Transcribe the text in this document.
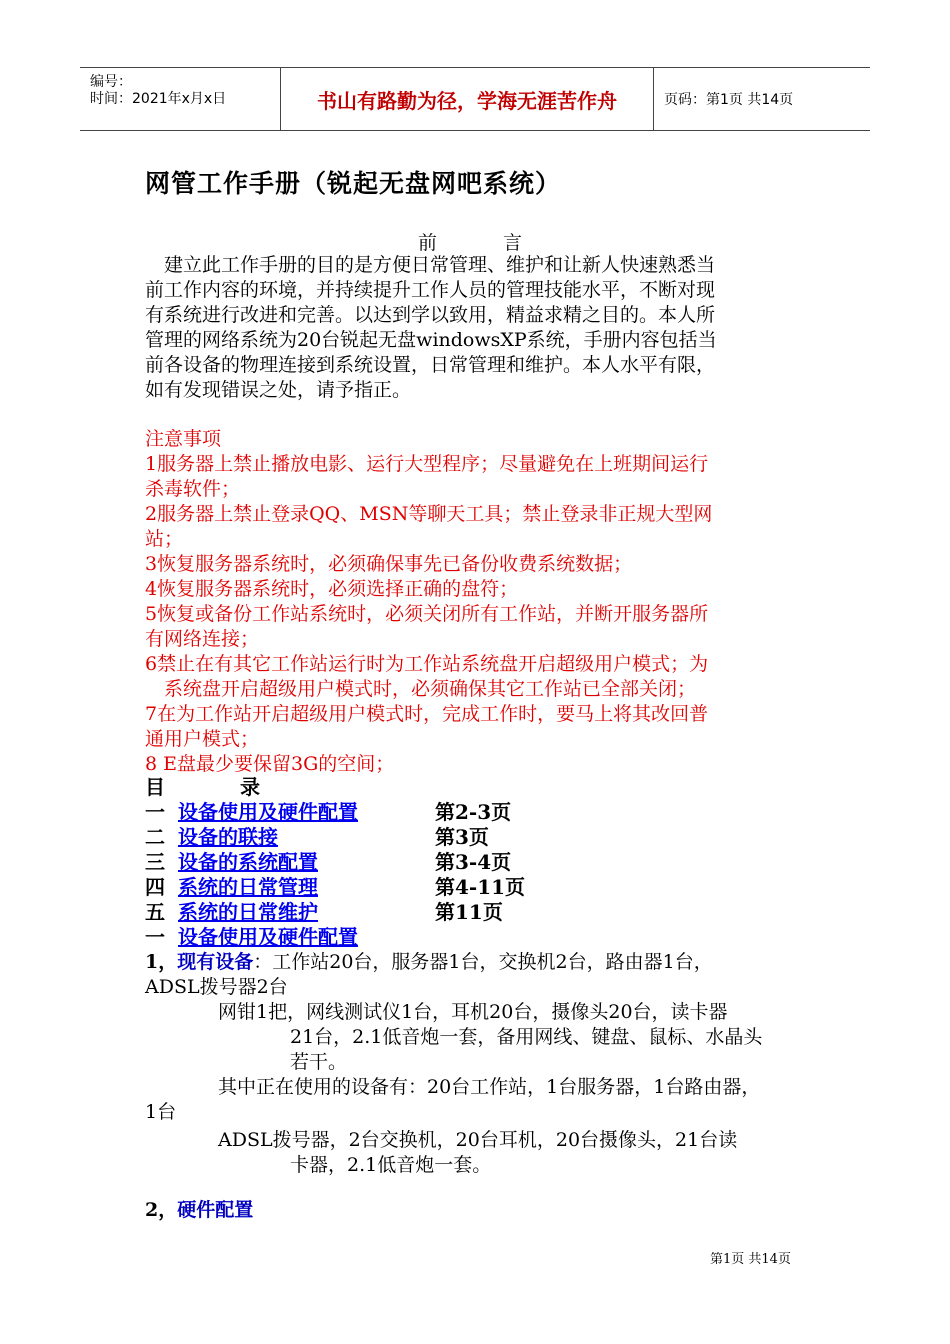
编号：
时间：2021年x月x日	书山有路勤为径，学海无涯苦作舟	页码：第1页 共14页
网管工作手册（锐起无盘网吧系统）
前	言
　建立此工作手册的目的是方便日常管理、维护和让新人快速熟悉当
前工作内容的环境，并持续提升工作人员的管理技能水平，不断对现
有系统进行改进和完善。以达到学以致用，精益求精之目的。本人所
管理的网络系统为20台锐起无盘windowsXP系统，手册内容包括当
前各设备的物理连接到系统设置，日常管理和维护。本人水平有限，
如有发现错误之处，请予指正。
注意事项
1服务器上禁止播放电影、运行大型程序；尽量避免在上班期间运行
杀毒软件；
2服务器上禁止登录QQ、MSN等聊天工具；禁止登录非正规大型网
站；
3恢复服务器系统时，必须确保事先已备份收费系统数据；
4恢复服务器系统时，必须选择正确的盘符；
5恢复或备份工作站系统时，必须关闭所有工作站，并断开服务器所
有网络连接；
6禁止在有其它工作站运行时为工作站系统盘开启超级用户模式；为
　系统盘开启超级用户模式时，必须确保其它工作站已全部关闭；
7在为工作站开启超级用户模式时，完成工作时，要马上将其改回普
通用户模式；
8 E盘最少要保留3G的空间；
目	录
一 设备使用及硬件配置	第2-3页
二 设备的联接	第3页
三 设备的系统配置	第3-4页
四 系统的日常管理	第4-11页
五 系统的日常维护	第11页
一 设备使用及硬件配置
1，现有设备：工作站20台，服务器1台，交换机2台，路由器1台，
ADSL拨号器2台
网钳1把，网线测试仪1台，耳机20台，摄像头20台，读卡器
21台，2.1低音炮一套，备用网线、键盘、鼠标、水晶头
若干。
其中正在使用的设备有：20台工作站，1台服务器，1台路由器，
1台
ADSL拨号器，2台交换机，20台耳机，20台摄像头，21台读
卡器，2.1低音炮一套。
2，硬件配置
第1页 共14页
